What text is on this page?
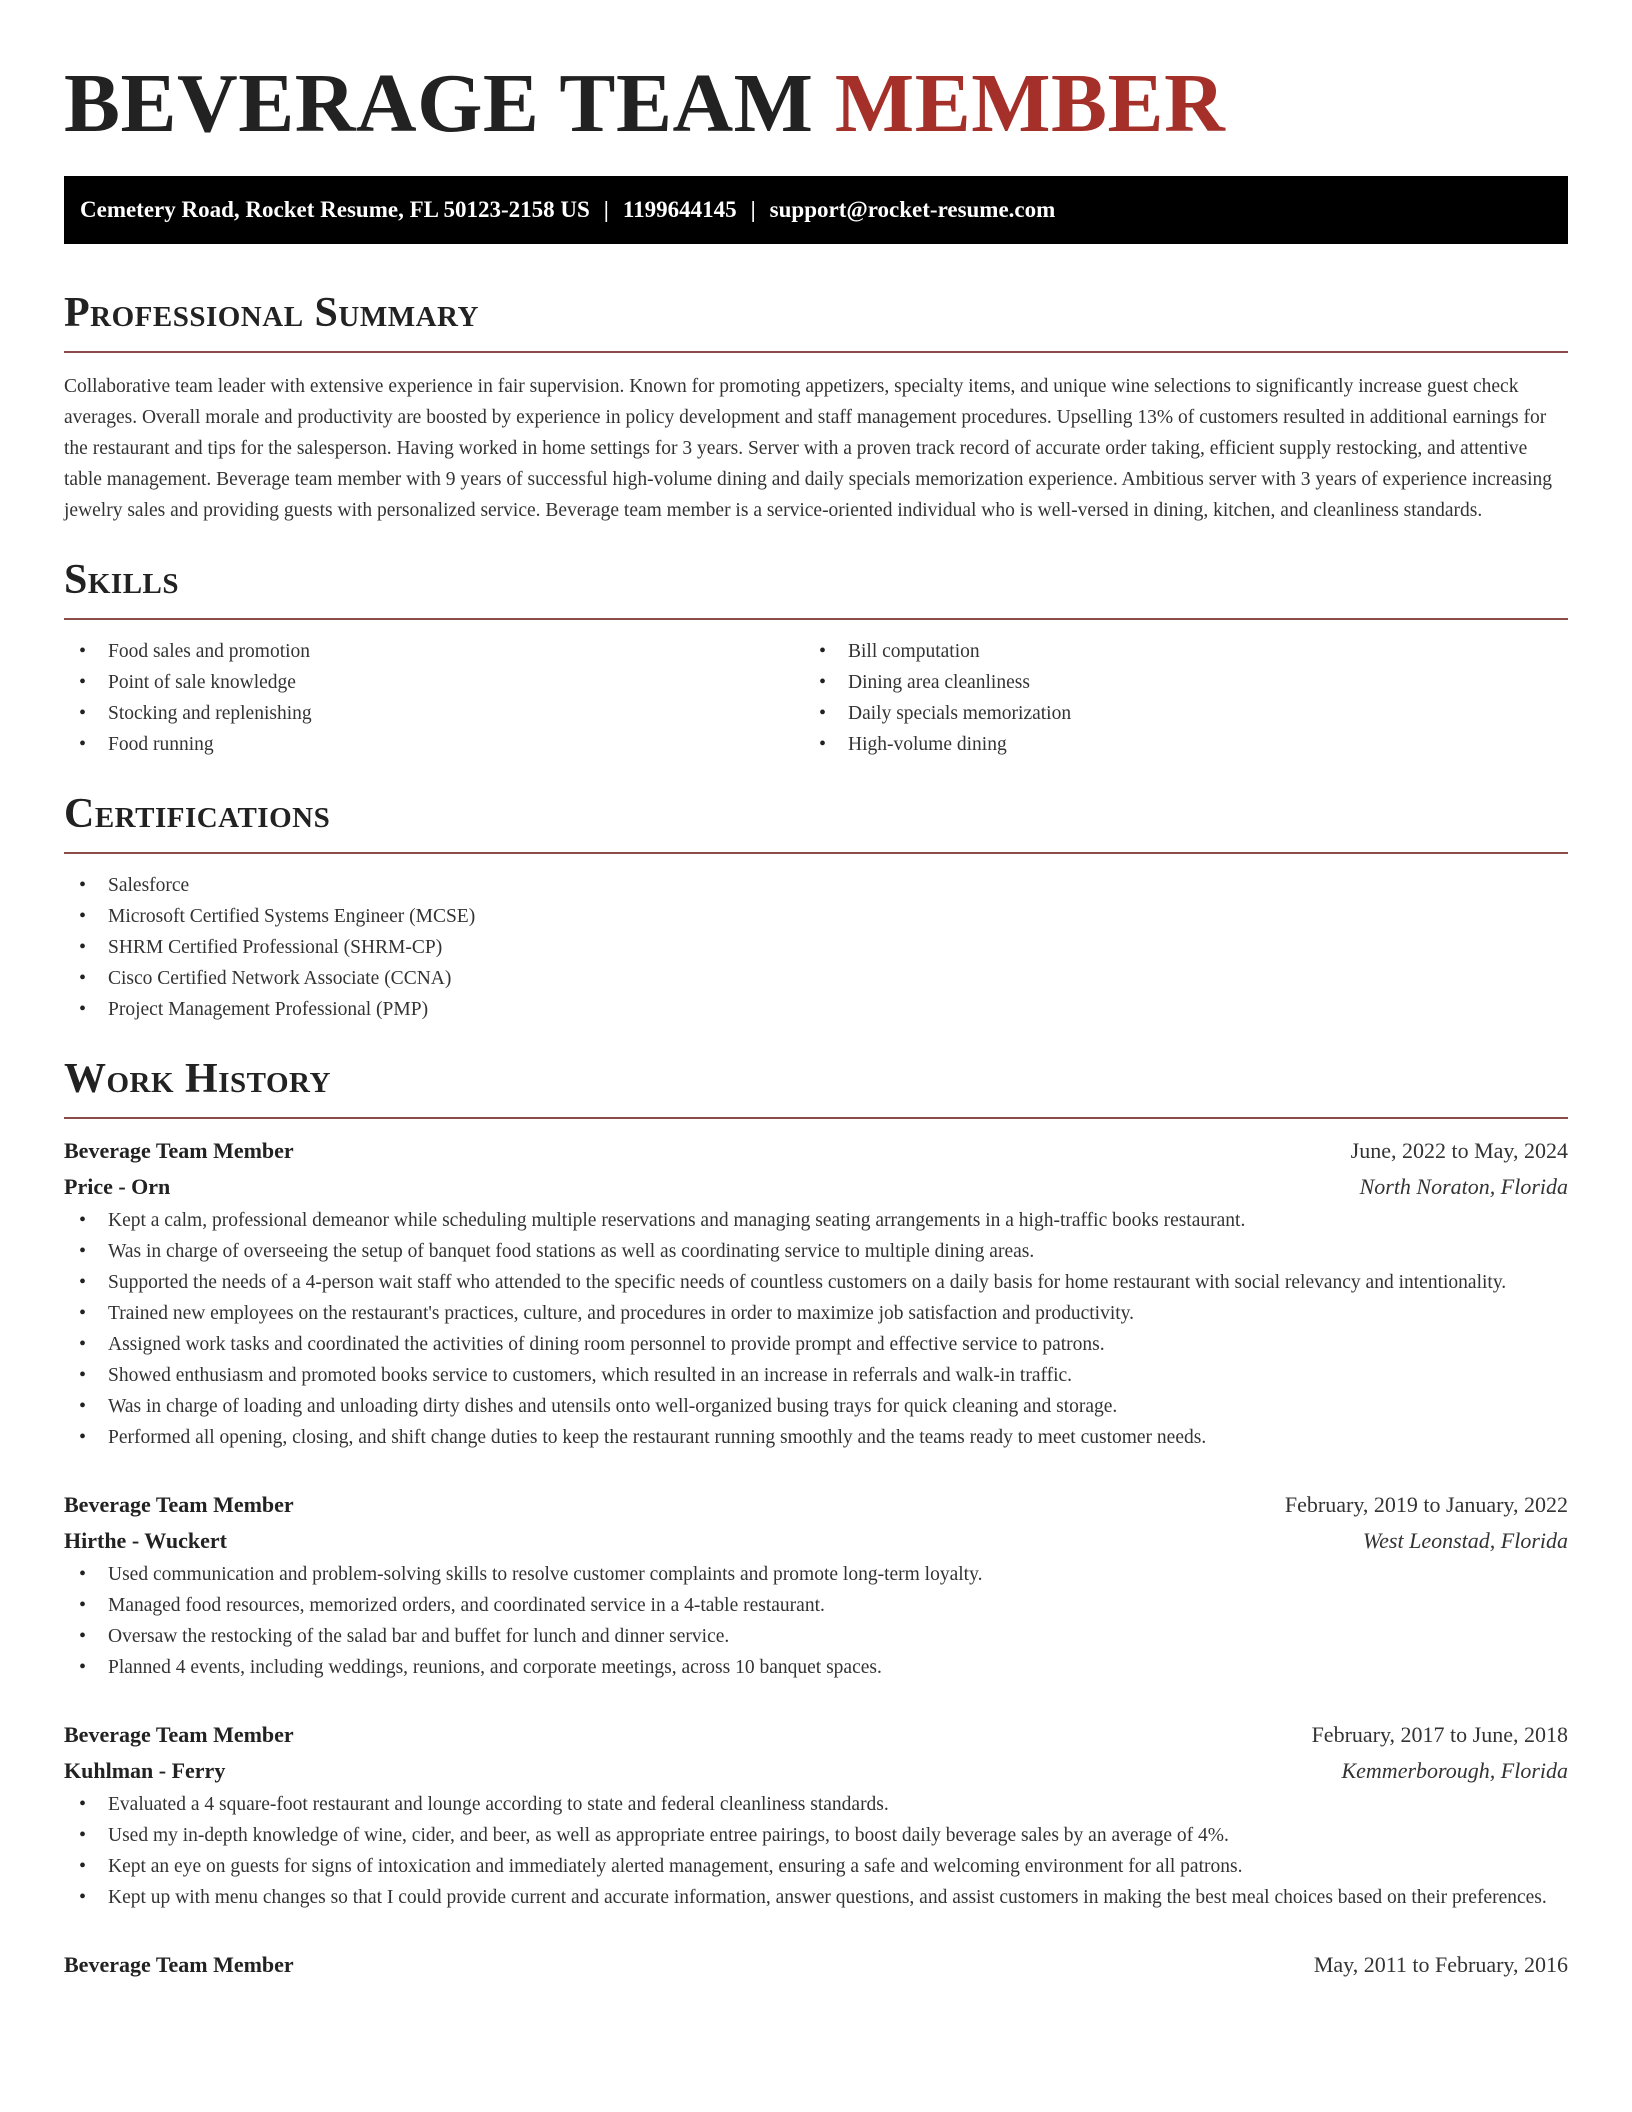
BEVERAGE TEAM MEMBER
Cemetery Road, Rocket Resume, FL 50123-2158 US | 1199644145 | support@rocket-resume.com
Professional Summary

Collaborative team leader with extensive experience in fair supervision. Known for promoting appetizers, specialty items, and unique wine selections to significantly increase guest check averages. Overall morale and productivity are boosted by experience in policy development and staff management procedures. Upselling 13% of customers resulted in additional earnings for the restaurant and tips for the salesperson. Having worked in home settings for 3 years. Server with a proven track record of accurate order taking, efficient supply restocking, and attentive table management. Beverage team member with 9 years of successful high-volume dining and daily specials memorization experience. Ambitious server with 3 years of experience increasing jewelry sales and providing guests with personalized service. Beverage team member is a service-oriented individual who is well-versed in dining, kitchen, and cleanliness standards.

Skills
• Food sales and promotion
• Point of sale knowledge
• Stocking and replenishing
• Food running
• Bill computation
• Dining area cleanliness
• Daily specials memorization
• High-volume dining
Certifications
• Salesforce
• Microsoft Certified Systems Engineer (MCSE)
• SHRM Certified Professional (SHRM-CP)
• Cisco Certified Network Associate (CCNA)
• Project Management Professional (PMP)
Work History
Beverage Team Member	June, 2022 to May, 2024
Price - Orn	North Noraton, Florida
• Kept a calm, professional demeanor while scheduling multiple reservations and managing seating arrangements in a high-traffic books restaurant.
• Was in charge of overseeing the setup of banquet food stations as well as coordinating service to multiple dining areas.
• Supported the needs of a 4-person wait staff who attended to the specific needs of countless customers on a daily basis for home restaurant with social relevancy and intentionality.
• Trained new employees on the restaurant's practices, culture, and procedures in order to maximize job satisfaction and productivity.
• Assigned work tasks and coordinated the activities of dining room personnel to provide prompt and effective service to patrons.
• Showed enthusiasm and promoted books service to customers, which resulted in an increase in referrals and walk-in traffic.
• Was in charge of loading and unloading dirty dishes and utensils onto well-organized busing trays for quick cleaning and storage.
• Performed all opening, closing, and shift change duties to keep the restaurant running smoothly and the teams ready to meet customer needs.
Beverage Team Member	February, 2019 to January, 2022
Hirthe - Wuckert	West Leonstad, Florida
• Used communication and problem-solving skills to resolve customer complaints and promote long-term loyalty.
• Managed food resources, memorized orders, and coordinated service in a 4-table restaurant.
• Oversaw the restocking of the salad bar and buffet for lunch and dinner service.
• Planned 4 events, including weddings, reunions, and corporate meetings, across 10 banquet spaces.
Beverage Team Member	February, 2017 to June, 2018
Kuhlman - Ferry	Kemmerborough, Florida
• Evaluated a 4 square-foot restaurant and lounge according to state and federal cleanliness standards.
• Used my in-depth knowledge of wine, cider, and beer, as well as appropriate entree pairings, to boost daily beverage sales by an average of 4%.
• Kept an eye on guests for signs of intoxication and immediately alerted management, ensuring a safe and welcoming environment for all patrons.
• Kept up with menu changes so that I could provide current and accurate information, answer questions, and assist customers in making the best meal choices based on their preferences.
Beverage Team Member	May, 2011 to February, 2016
